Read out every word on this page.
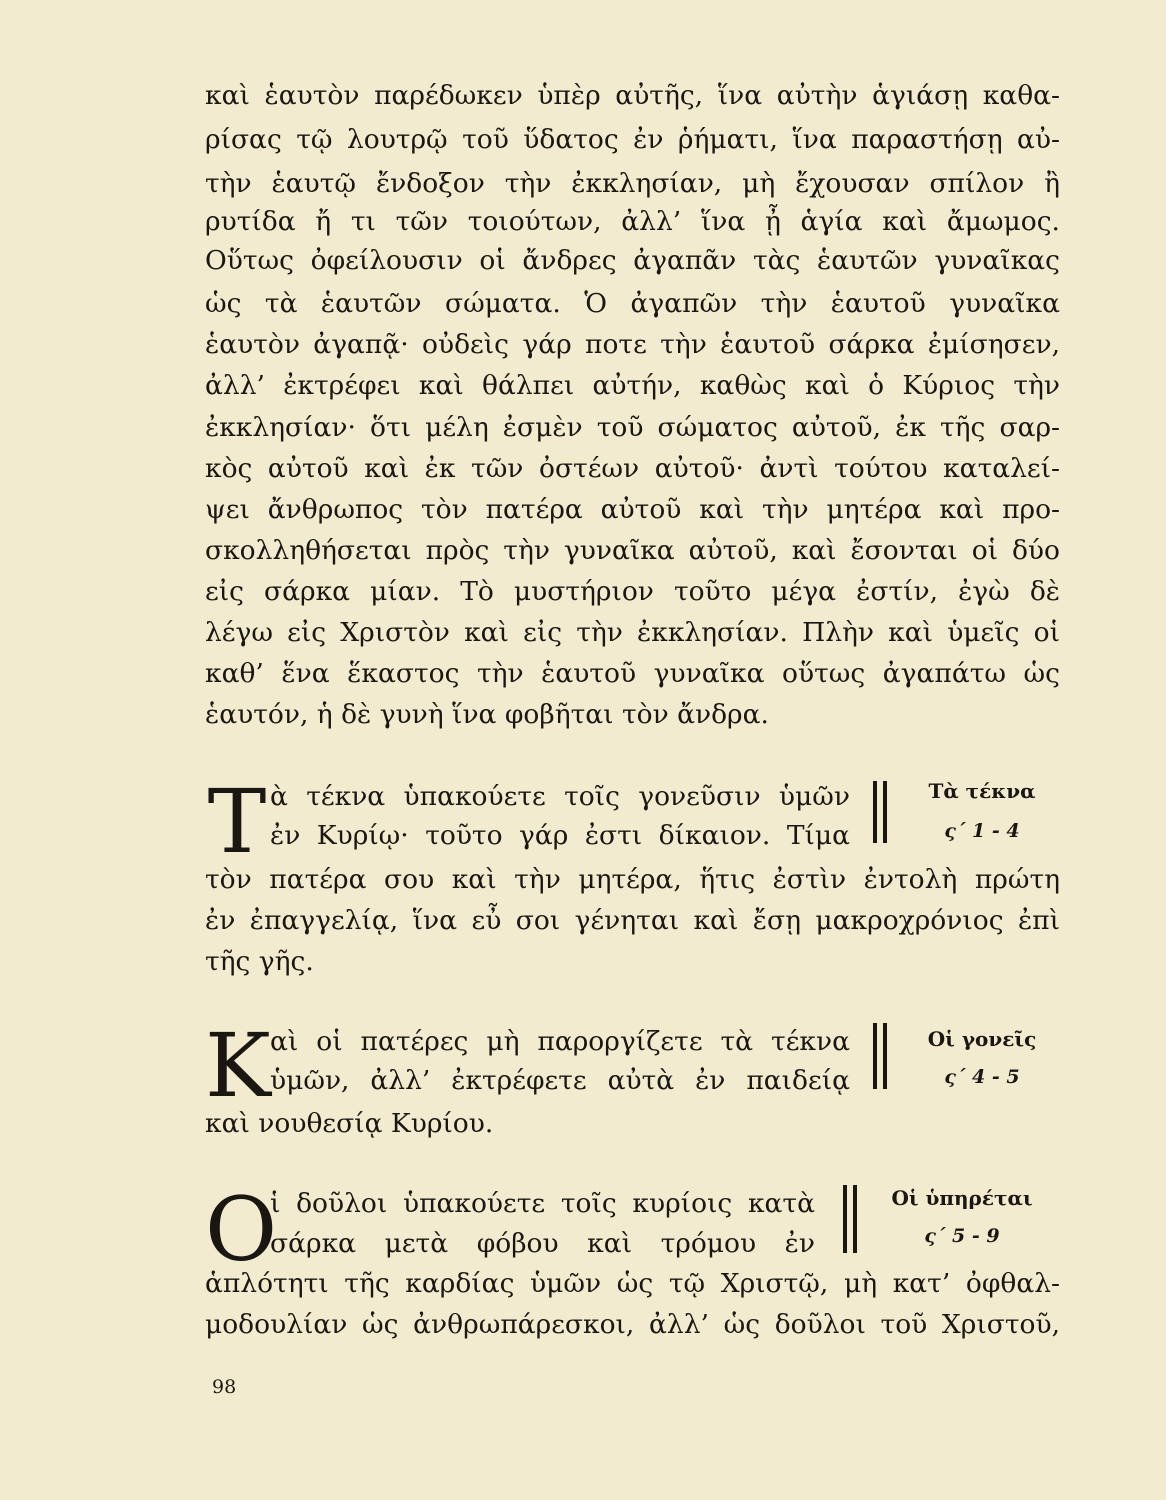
καὶ ἑαυτὸν παρέδωκεν ὑπὲρ αὐτῆς, ἵνα αὐτὴν ἁγιάσῃ καθα-
ρίσας τῷ λουτρῷ τοῦ ὕδατος ἐν ῥήματι, ἵνα παραστήσῃ αὐ-
τὴν ἑαυτῷ ἔνδοξον τὴν ἐκκλησίαν, μὴ ἔχουσαν σπίλον ἢ
ρυτίδα ἤ τι τῶν τοιούτων, ἀλλ’ ἵνα ᾖ ἁγία καὶ ἄμωμος.
Οὕτως ὀφείλουσιν οἱ ἄνδρες ἀγαπᾶν τὰς ἑαυτῶν γυναῖκας
ὡς τὰ ἑαυτῶν σώματα. Ὁ ἀγαπῶν τὴν ἑαυτοῦ γυναῖκα
ἑαυτὸν ἀγαπᾷ· οὐδεὶς γάρ ποτε τὴν ἑαυτοῦ σάρκα ἐμίσησεν,
ἀλλ’ ἐκτρέφει καὶ θάλπει αὐτήν, καθὼς καὶ ὁ Κύριος τὴν
ἐκκλησίαν· ὅτι μέλη ἐσμὲν τοῦ σώματος αὐτοῦ, ἐκ τῆς σαρ-
κὸς αὐτοῦ καὶ ἐκ τῶν ὀστέων αὐτοῦ· ἀντὶ τούτου καταλεί-
ψει ἄνθρωπος τὸν πατέρα αὐτοῦ καὶ τὴν μητέρα καὶ προ-
σκολληθήσεται πρὸς τὴν γυναῖκα αὐτοῦ, καὶ ἔσονται οἱ δύο
εἰς σάρκα μίαν. Τὸ μυστήριον τοῦτο μέγα ἐστίν, ἐγὼ δὲ
λέγω εἰς Χριστὸν καὶ εἰς τὴν ἐκκλησίαν. Πλὴν καὶ ὑμεῖς οἱ
καθ’ ἕνα ἕκαστος τὴν ἑαυτοῦ γυναῖκα οὕτως ἀγαπάτω ὡς
ἑαυτόν, ἡ δὲ γυνὴ ἵνα φοβῆται τὸν ἄνδρα.
T ὰ τέκνα ὑπακούετε τοῖς γονεῦσιν ὑμῶν
ἐν Κυρίῳ· τοῦτο γάρ ἐστι δίκαιον. Τίμα
τὸν πατέρα σου καὶ τὴν μητέρα, ἥτις ἐστὶν ἐντολὴ πρώτη
ἐν ἐπαγγελίᾳ, ἵνα εὖ σοι γένηται καὶ ἔσῃ μακροχρόνιος ἐπὶ
τῆς γῆς.
Τὰ τέκνα
ς΄ 1 - 4
K αὶ οἱ πατέρες μὴ παροργίζετε τὰ τέκνα
ὑμῶν, ἀλλ’ ἐκτρέφετε αὐτὰ ἐν παιδείᾳ
καὶ νουθεσίᾳ Κυρίου.
Οἱ γονεῖς
ς΄ 4 - 5
O
ἱ δοῦλοι ὑπακούετε τοῖς κυρίοις κατὰ
σάρκα μετὰ φόβου καὶ τρόμου ἐν
ἁπλότητι τῆς καρδίας ὑμῶν ὡς τῷ Χριστῷ, μὴ κατ’ ὀφθαλ-
μοδουλίαν ὡς ἀνθρωπάρεσκοι, ἀλλ’ ὡς δοῦλοι τοῦ Χριστοῦ,
Οἱ ὑπηρέται
ς΄ 5 - 9
98
